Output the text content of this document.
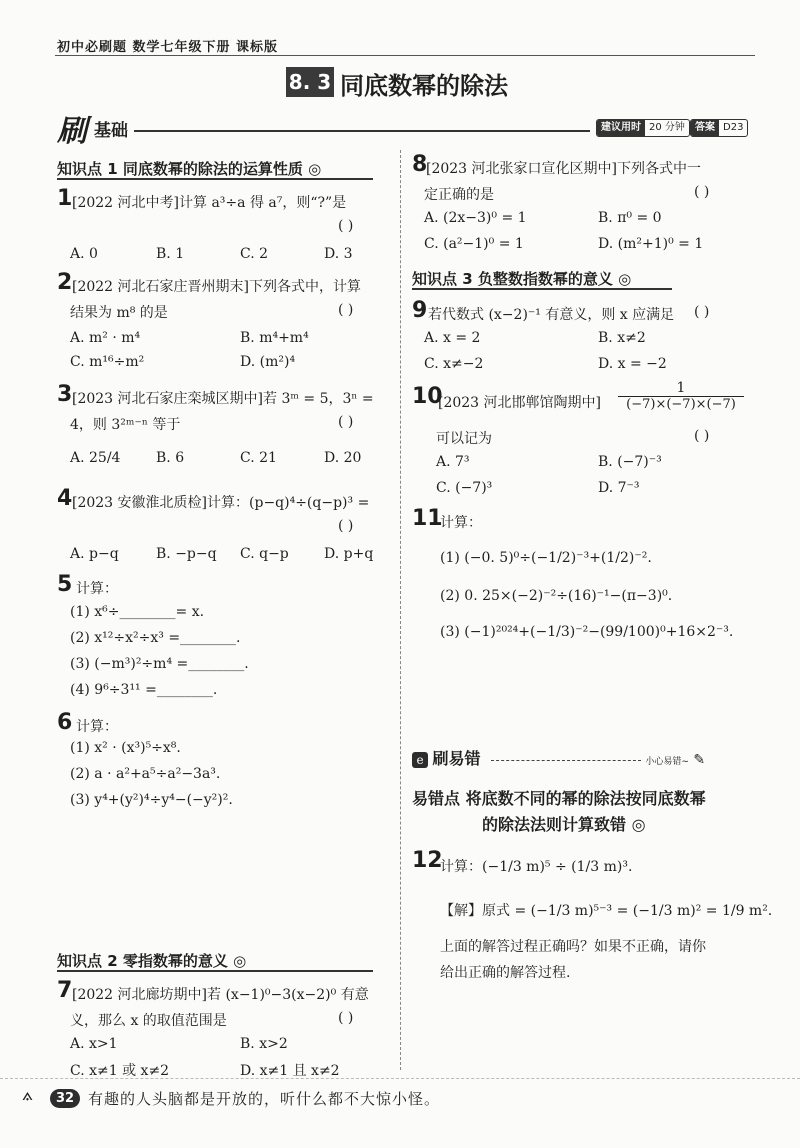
初中必刷题 数学七年级下册 课标版
8. 3 同底数幂的除法
刷 基础	建议用时 20 分钟	答案 D23
知识点 1 同底数幂的除法的运算性质 ◎
1 [2022 河北中考]计算 a³÷a 得 a⁷，则“?”是
( )
A. 0	B. 1	C. 2	D. 3
2 [2022 河北石家庄晋州期末]下列各式中，计算
结果为 m⁸ 的是	( )
A. m² · m⁴	B. m⁴+m⁴
C. m¹⁶÷m²	D. (m²)⁴
3 [2023 河北石家庄栾城区期中]若 3ᵐ = 5，3ⁿ =
4，则 3²ᵐ⁻ⁿ 等于	( )
A. 25/4	B. 6	C. 21	D. 20
4 [2023 安徽淮北质检]计算：(p−q)⁴÷(q−p)³ =
( )
A. p−q	B. −p−q C. q−p	D. p+q
5 计算：
(1) x⁶÷________= x.
(2) x¹²÷x²÷x³ =________.
(3) (−m³)²÷m⁴ =________.
(4) 9⁶÷3¹¹ =________.
6 计算：
(1) x² · (x³)⁵÷x⁸.
(2) a · a²+a⁵÷a²−3a³.
(3) y⁴+(y²)⁴÷y⁴−(−y²)².
知识点 2 零指数幂的意义 ◎
7 [2022 河北廊坊期中]若 (x−1)⁰−3(x−2)⁰ 有意
义，那么 x 的取值范围是	( )
A. x>1	B. x>2
C. x≠1 或 x≠2	D. x≠1 且 x≠2
8
[2023 河北张家口宣化区期中]下列各式中一
定正确的是	( )
A. (2x−3)⁰ = 1	B. π⁰ = 0
C. (a²−1)⁰ = 1	D. (m²+1)⁰ = 1
知识点 3 负整数指数幂的意义 ◎
9 若代数式 (x−2)⁻¹ 有意义，则 x 应满足 ( )
A. x = 2	B. x≠2
C. x≠−2	D. x = −2
10
[2023 河北邯郸馆陶期中] $\frac{1}{(-7)\times(-7)\times(-7)}$
可以记为	( )
A. 7³	B. (−7)⁻³
C. (−7)³	D. 7⁻³
11
计算：
(1) (−0. 5)⁰÷(−1/2)⁻³+(1/2)⁻².
(2) 0. 25×(−2)⁻²÷(16)⁻¹−(π−3)⁰.
(3) (−1)²⁰²⁴+(−1/3)⁻²−(99/100)⁰+16×2⁻³.
e 刷易错	小心易错~ ✎
易错点 将底数不同的幂的除法按同底数幂
的除法法则计算致错 ◎
12
计算：(−1/3 m)⁵ ÷ (1/3 m)³.
【解】原式 = (−1/3 m)⁵⁻³ = (−1/3 m)² = 1/9 m².
上面的解答过程正确吗？如果不正确，请你
给出正确的解答过程.
⟑	32 有趣的人头脑都是开放的，听什么都不大惊小怪。
